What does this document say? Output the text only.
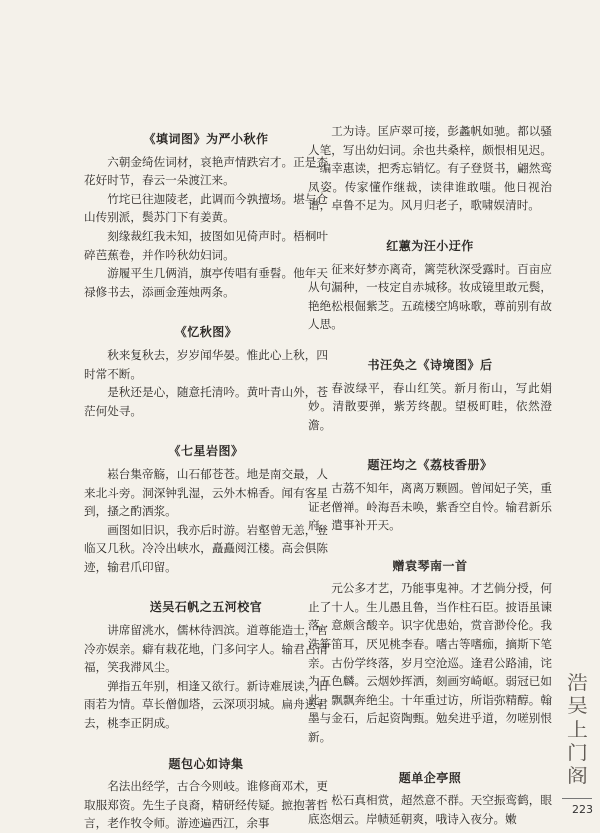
《填词图》为严小秋作

六朝金绮佐词材，哀艳声情跌宕才。正是杏花好时节，春云一朵渡江来。

竹垞已往迦陵老，此调而今孰擅场。堪与仓山传别派，鬓苏门下有姜黄。

刻缘裁红我未知，披图如见倚声时。梧桐叶碎芭蕉卷，并作吟秋幼妇词。

游履平生几俩消，旗亭传唱有垂髫。他年天禄修书去，添画金莲烛两条。

《忆秋图》

秋来复秋去，岁岁闻华晏。惟此心上秋，四时常不断。

是秋还是心，随意托清吟。黄叶青山外，苍茫何处寻。

《七星岩图》

崧台集帝觞，山石郁苍苍。地是南交最，人来北斗旁。洞深钟乳湿，云外木棉香。闻有客星到，搔之酌洒浆。

画图如旧识，我亦后时游。岩壑曾无恙，登临又几秋。冷冷出峡水，矗矗阅江楼。高会俱陈迹，输君爪印留。

送吴石帆之五河校官

讲席留洮水，儒林待泗滨。道尊能造士，官冷亦娱亲。癖有栽花地，门多问字人。输君占清福，笑我滞风尘。

弹指五年别，相逢又欲行。新诗难展读，旧雨若为情。草长僧伽塔，云深项羽城。扁舟送君去，桃李正阴成。

题包心如诗集

名法出经学，古合今则岐。谁修商邓术，更取服郑资。先生子良裔，精研经传疑。摭抱著哲言，老作牧令师。游迹遍西江，余事

工为诗。匡庐翠可接，彭蠡帆如驰。都以骚人笔，写出幼妇词。余也共桑梓，颇恨相见迟。一编幸惠读，把秀忘销忆。有子登贤书，翩然鸾凤姿。传家懂作继裁，读律谁敢嗤。他日视治谱，卓鲁不足为。风月归老子，歌啸娱清时。

红蕙为汪小迂作

征来好梦亦离奇，篱莞秋深受露时。百亩应从句漏种，一枝定自赤城移。妆成镜里敢元鬓，艳绝松根倔紫芝。五疏楼空鸠咏歌，尊前别有故人思。

书汪奂之《诗境图》后

春波绿平，春山红笑。新月衔山，写此娟妙。清散要弹，紫芳终靓。望极町畦，依然澄澹。

题汪均之《荔枝香册》

古荔不知年，离离万颗圆。曾闻妃子笑，重证老僧禅。岭海吾未唤，紫香空自怜。输君新乐府，遣事补开天。

赠袁琴南一首

元公多才艺，乃能事鬼神。才艺倘分授，何止了十人。生儿愚且鲁，当作柱石臣。披语虽谏落，意颇含酸辛。识字优患始，赏音渺伶伦。我洗筝笛耳，厌见桃李春。嗜古等嗜痂，摘斯下笔亲。古份学终落，岁月空沧巡。逢君公路浦，诧为五色麟。云烟妙挥洒，刻画穷崎岖。弱冠已如此，飘飘奔绝尘。十年重过访，所诣弥精醇。翰墨与金石，后起资陶甄。勉矣进乎道，勿嗟别恨新。

题单企亭照

松石真相赏，超然意不群。天空振鸾鹤，眼底恣烟云。岸帻延朝爽，哦诗入夜分。嫩

浩
吴
上
门
阁
223
